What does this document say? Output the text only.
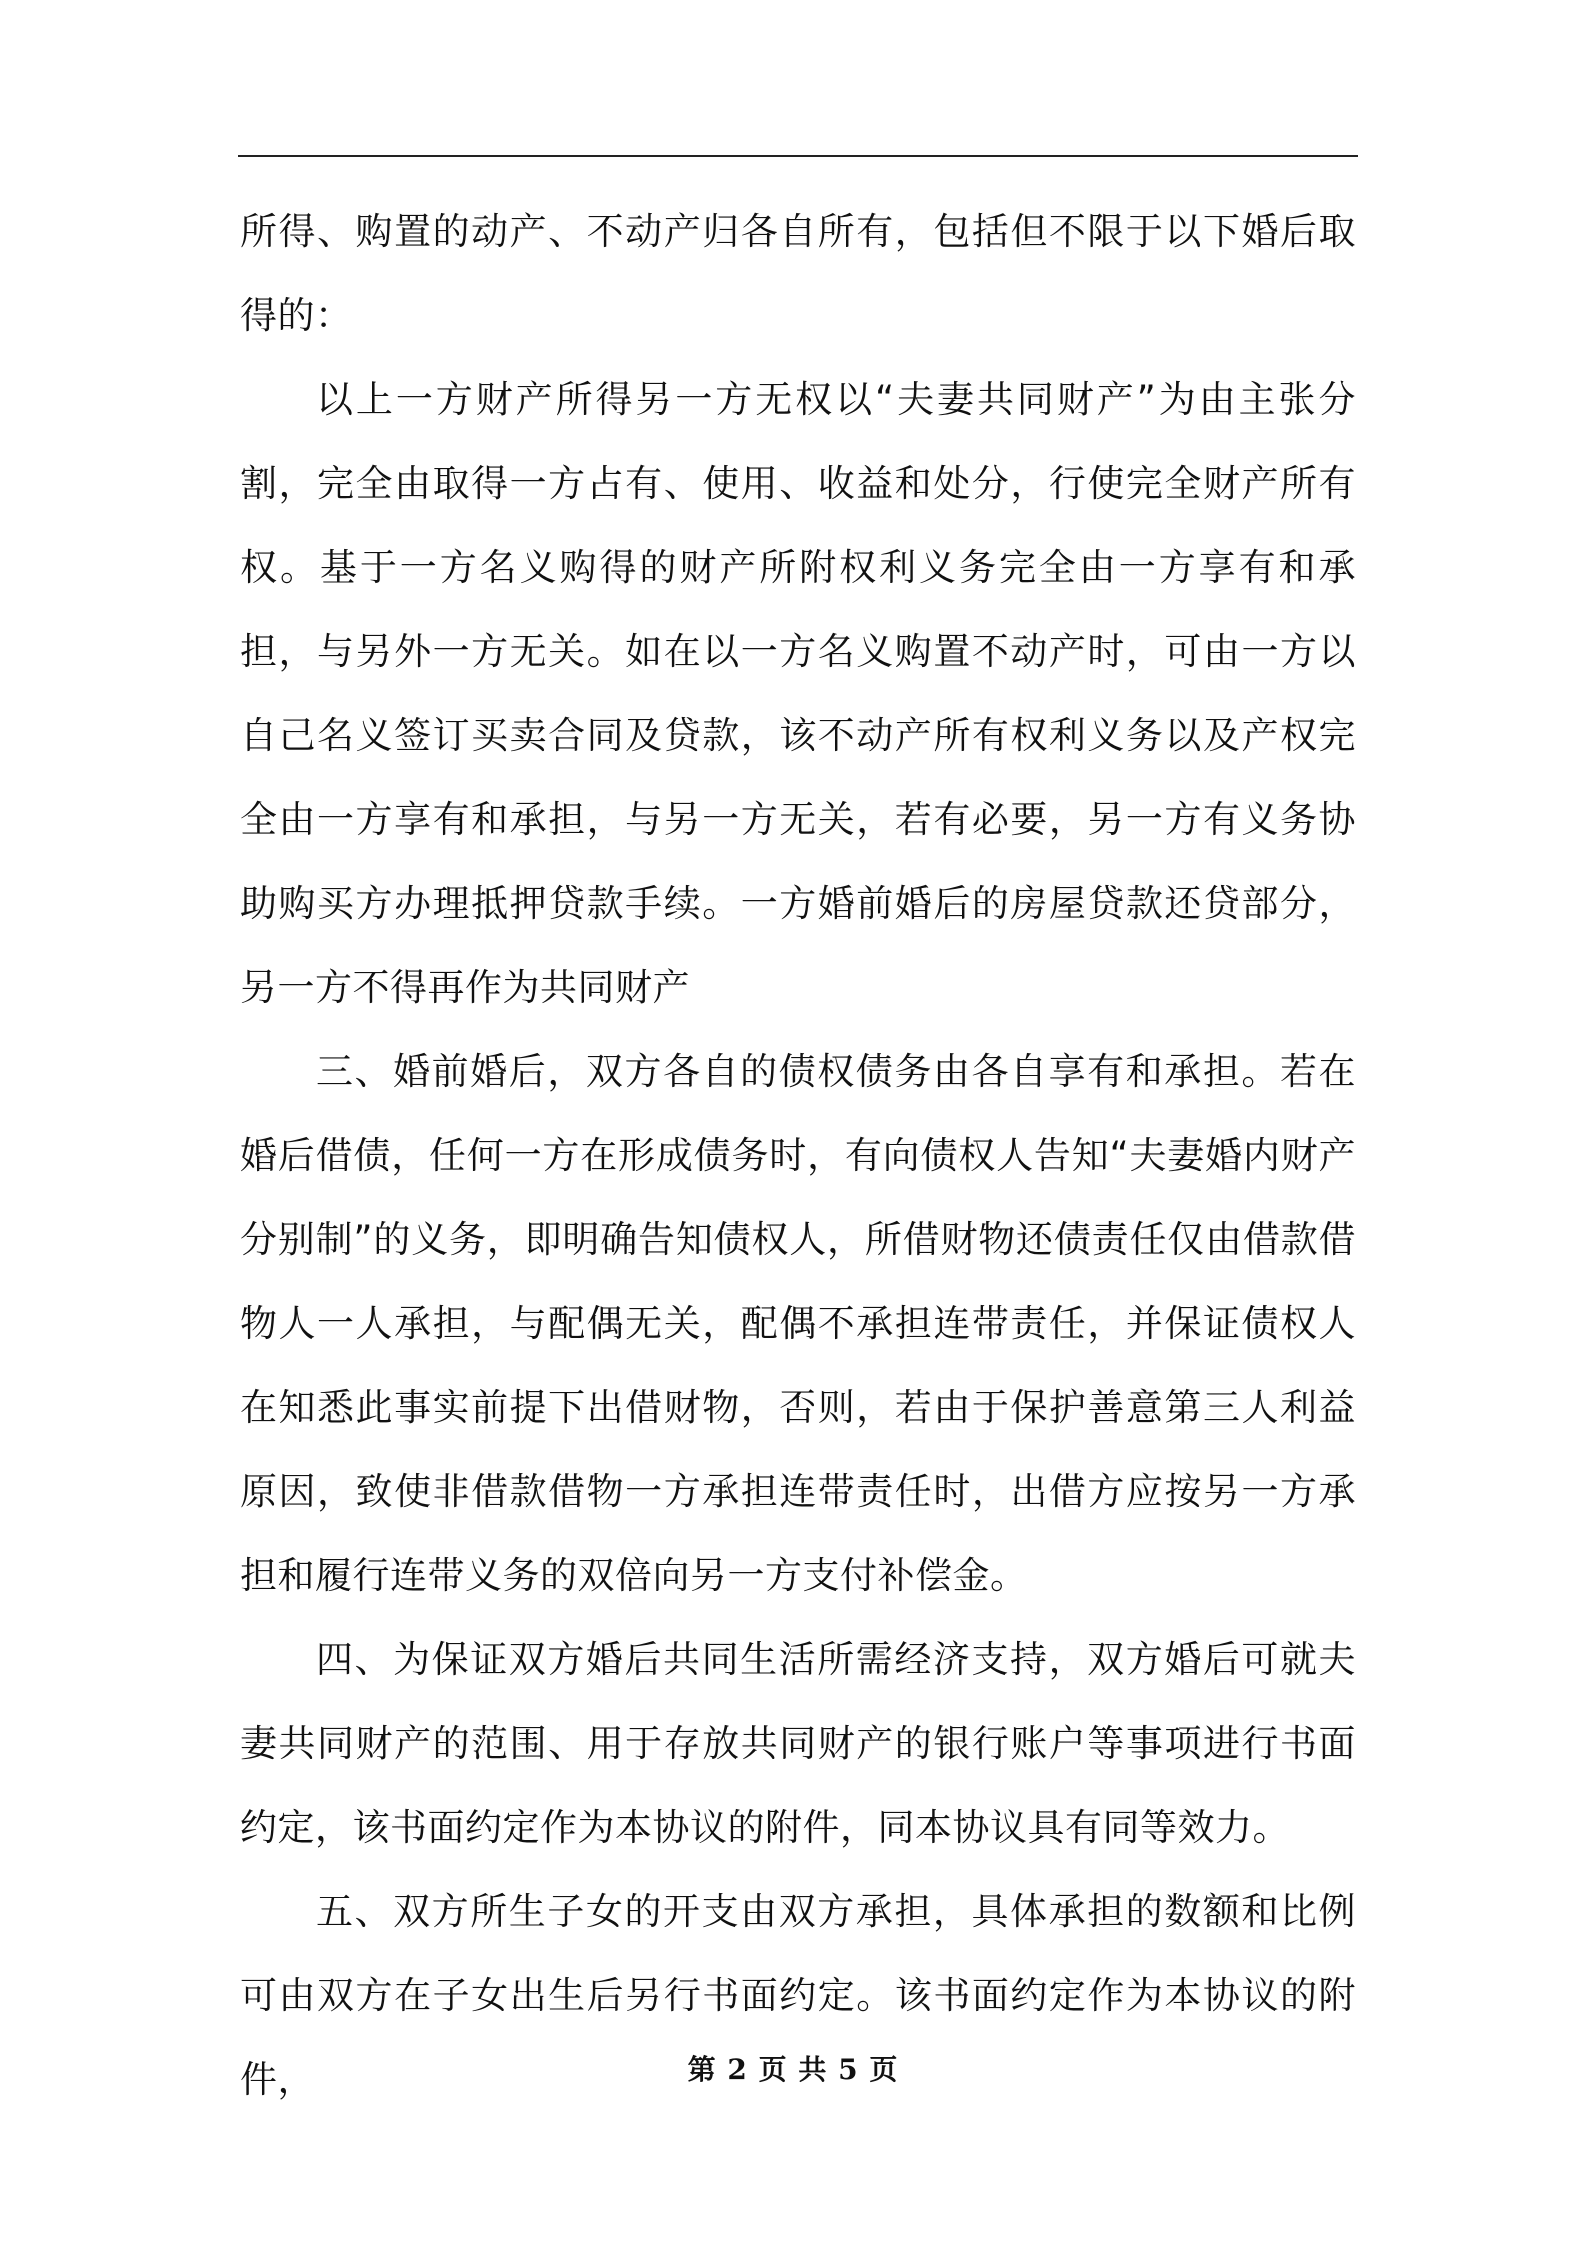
所得、购置的动产、不动产归各自所有，包括但不限于以下婚后取得的：

以上一方财产所得另一方无权以“夫妻共同财产”为由主张分割，完全由取得一方占有、使用、收益和处分，行使完全财产所有权。基于一方名义购得的财产所附权利义务完全由一方享有和承担，与另外一方无关。如在以一方名义购置不动产时，可由一方以自己名义签订买卖合同及贷款，该不动产所有权利义务以及产权完全由一方享有和承担，与另一方无关，若有必要，另一方有义务协助购买方办理抵押贷款手续。一方婚前婚后的房屋贷款还贷部分，另一方不得再作为共同财产

三、婚前婚后，双方各自的债权债务由各自享有和承担。若在婚后借债，任何一方在形成债务时，有向债权人告知“夫妻婚内财产分别制”的义务，即明确告知债权人，所借财物还债责任仅由借款借物人一人承担，与配偶无关，配偶不承担连带责任，并保证债权人在知悉此事实前提下出借财物，否则，若由于保护善意第三人利益原因，致使非借款借物一方承担连带责任时，出借方应按另一方承担和履行连带义务的双倍向另一方支付补偿金。

四、为保证双方婚后共同生活所需经济支持，双方婚后可就夫妻共同财产的范围、用于存放共同财产的银行账户等事项进行书面约定，该书面约定作为本协议的附件，同本协议具有同等效力。

五、双方所生子女的开支由双方承担，具体承担的数额和比例可由双方在子女出生后另行书面约定。该书面约定作为本协议的附件，	第 2 页 共 5 页
